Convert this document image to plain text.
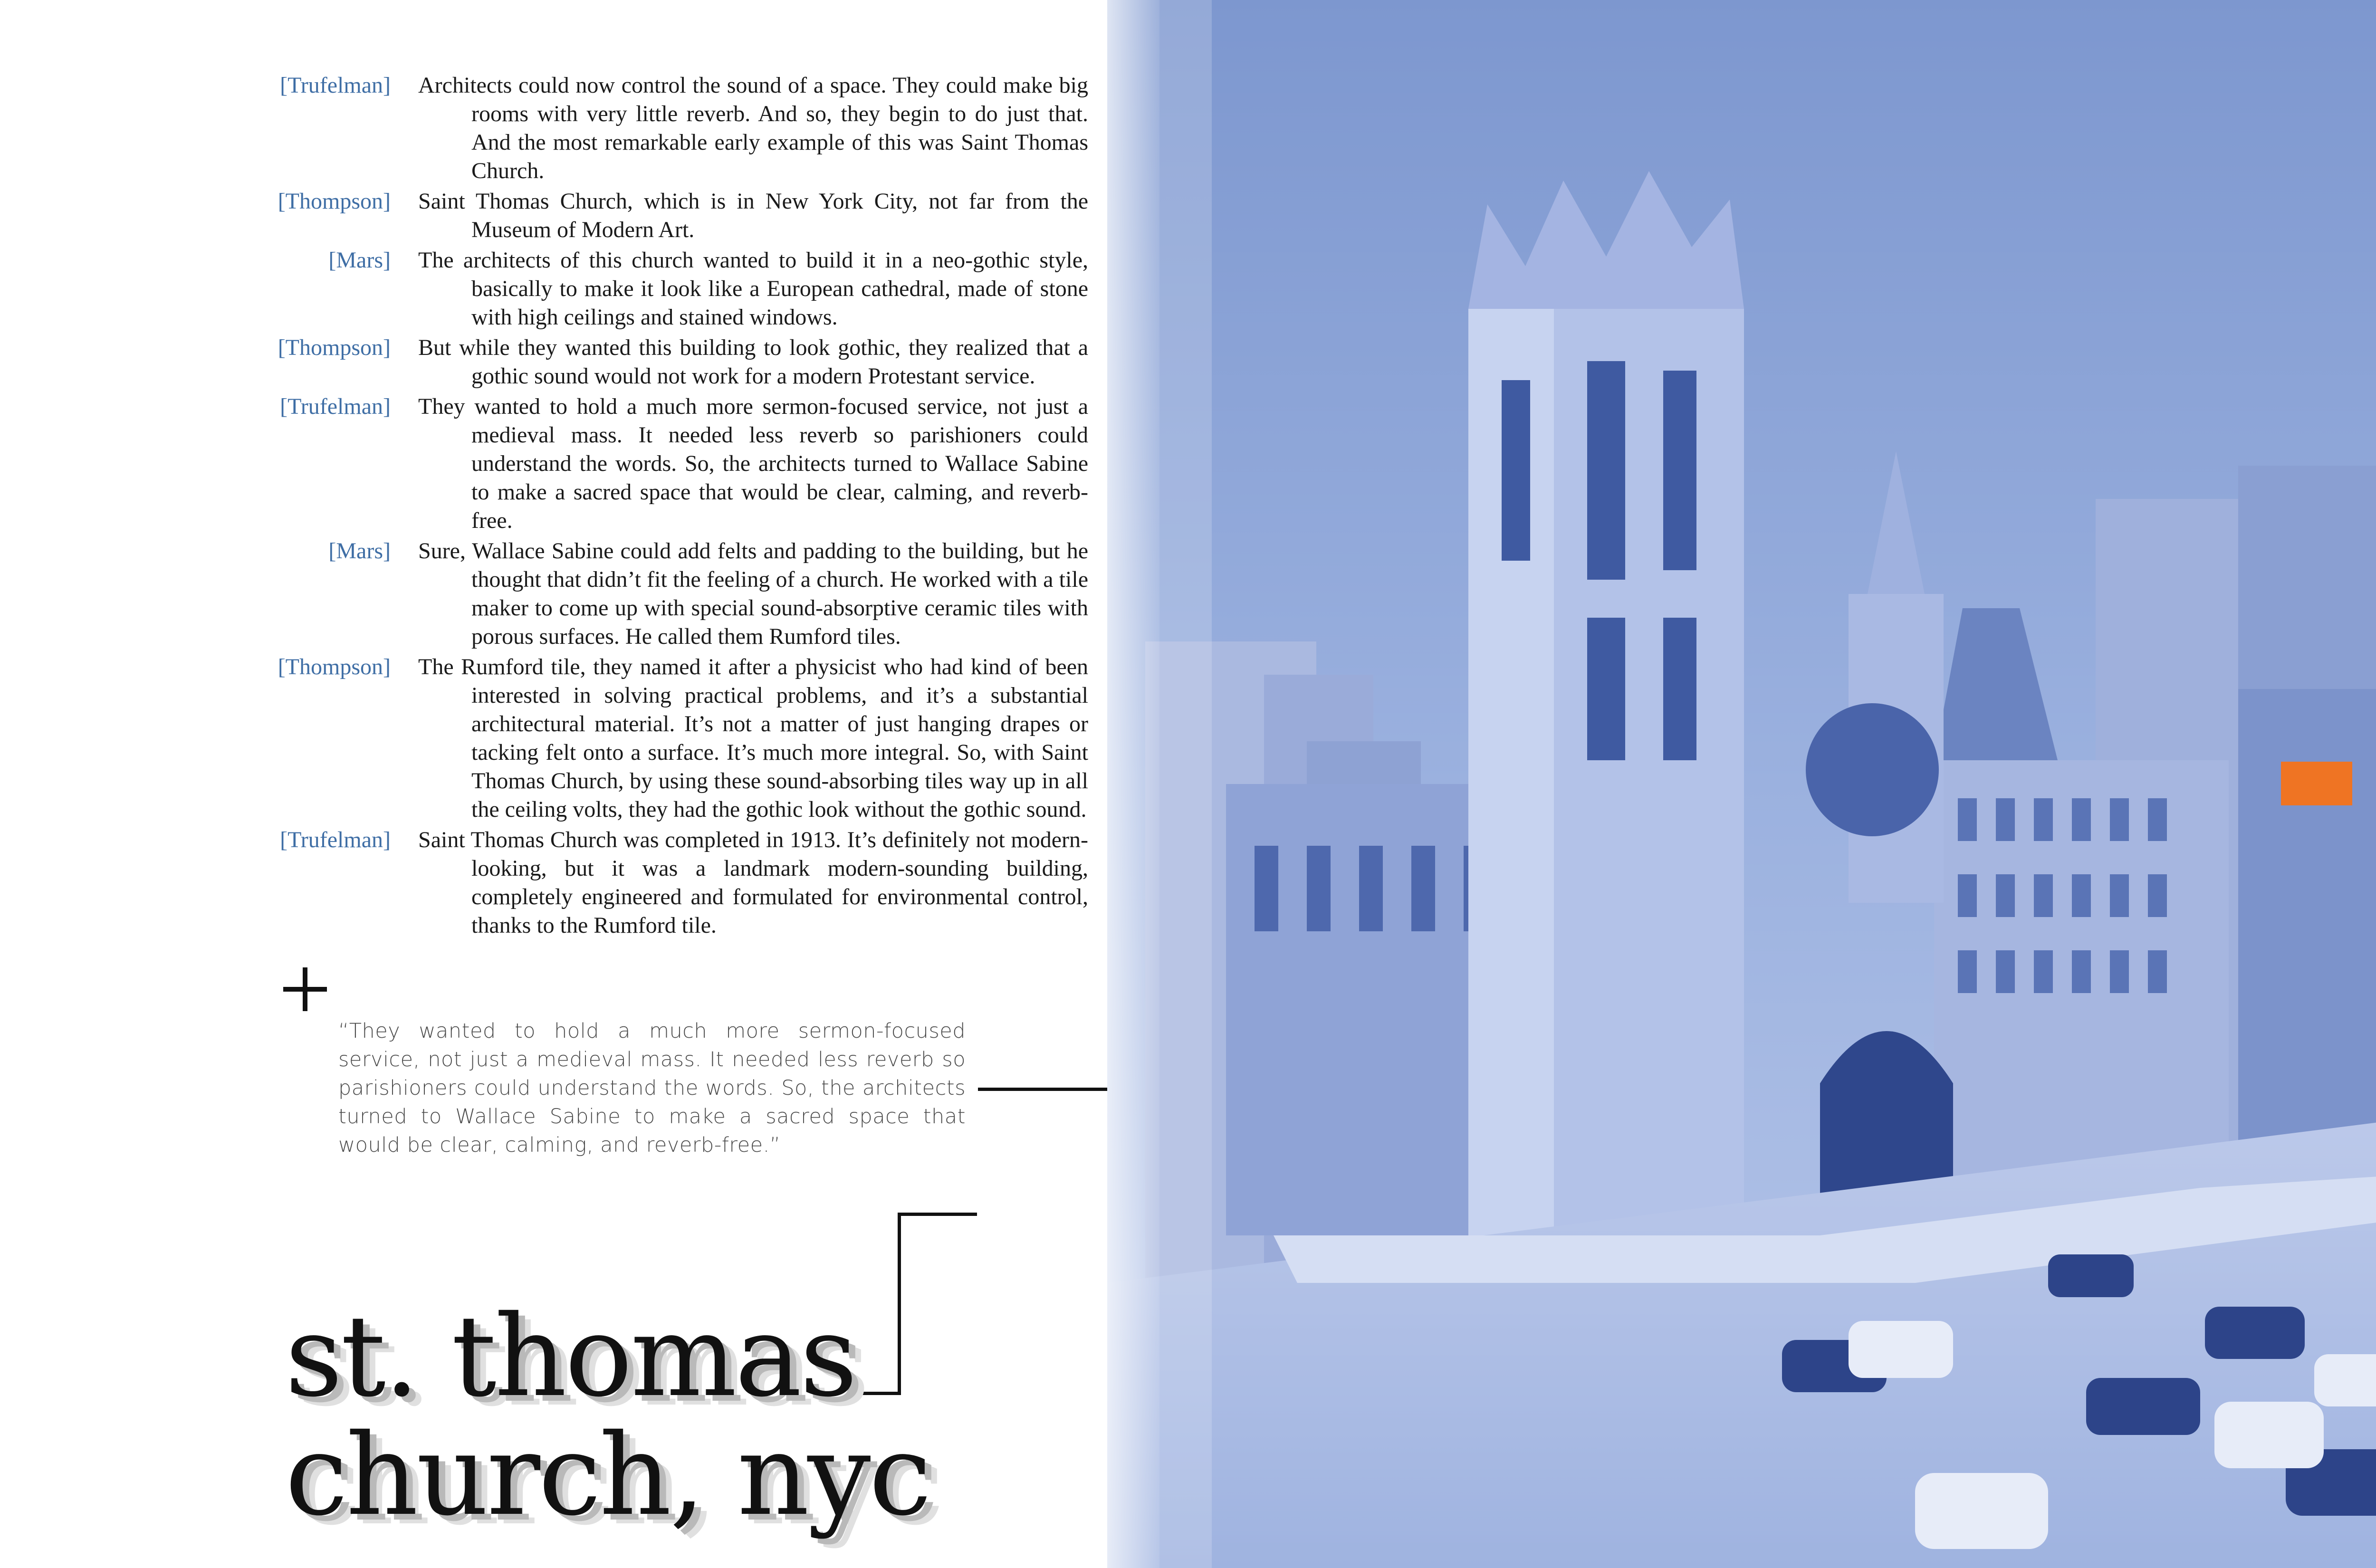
[Trufelman] Architects could now control the sound of a space. They could make big rooms with very little reverb. And so, they begin to do just that. And the most remarkable early example of this was Saint Thomas Church.
[Thompson] Saint Thomas Church, which is in New York City, not far from the Museum of Modern Art.
[Mars] The architects of this church wanted to build it in a neo-gothic style, basically to make it look like a European cathedral, made of stone with high ceilings and stained windows.
[Thompson] But while they wanted this building to look gothic, they realized that a gothic sound would not work for a modern Protestant service.
[Trufelman] They wanted to hold a much more sermon-focused service, not just a medieval mass. It needed less reverb so parishioners could understand the words. So, the architects turned to Wallace Sabine to make a sacred space that would be clear, calming, and reverb-free.
[Mars] Sure, Wallace Sabine could add felts and padding to the building, but he thought that didn’t fit the feeling of a church. He worked with a tile maker to come up with special sound-absorptive ceramic tiles with porous surfaces. He called them Rumford tiles.
[Thompson] The Rumford tile, they named it after a physicist who had kind of been interested in solving practical problems, and it’s a substantial architectural material. It’s not a matter of just hanging drapes or tacking felt onto a surface. It’s much more integral. So, with Saint Thomas Church, by using these sound-absorbing tiles way up in all the ceiling volts, they had the gothic look without the gothic sound.
[Trufelman] Saint Thomas Church was completed in 1913. It’s definitely not modern-looking, but it was a landmark modern-sounding building, completely engineered and formulated for environmental control, thanks to the Rumford tile.
“They wanted to hold a much more sermon-focused service, not just a medieval mass. It needed less reverb so parishioners could understand the words. So, the architects turned to Wallace Sabine to make a sacred space that would be clear, calming, and reverb-free.”
st. thomas
church, nyc
